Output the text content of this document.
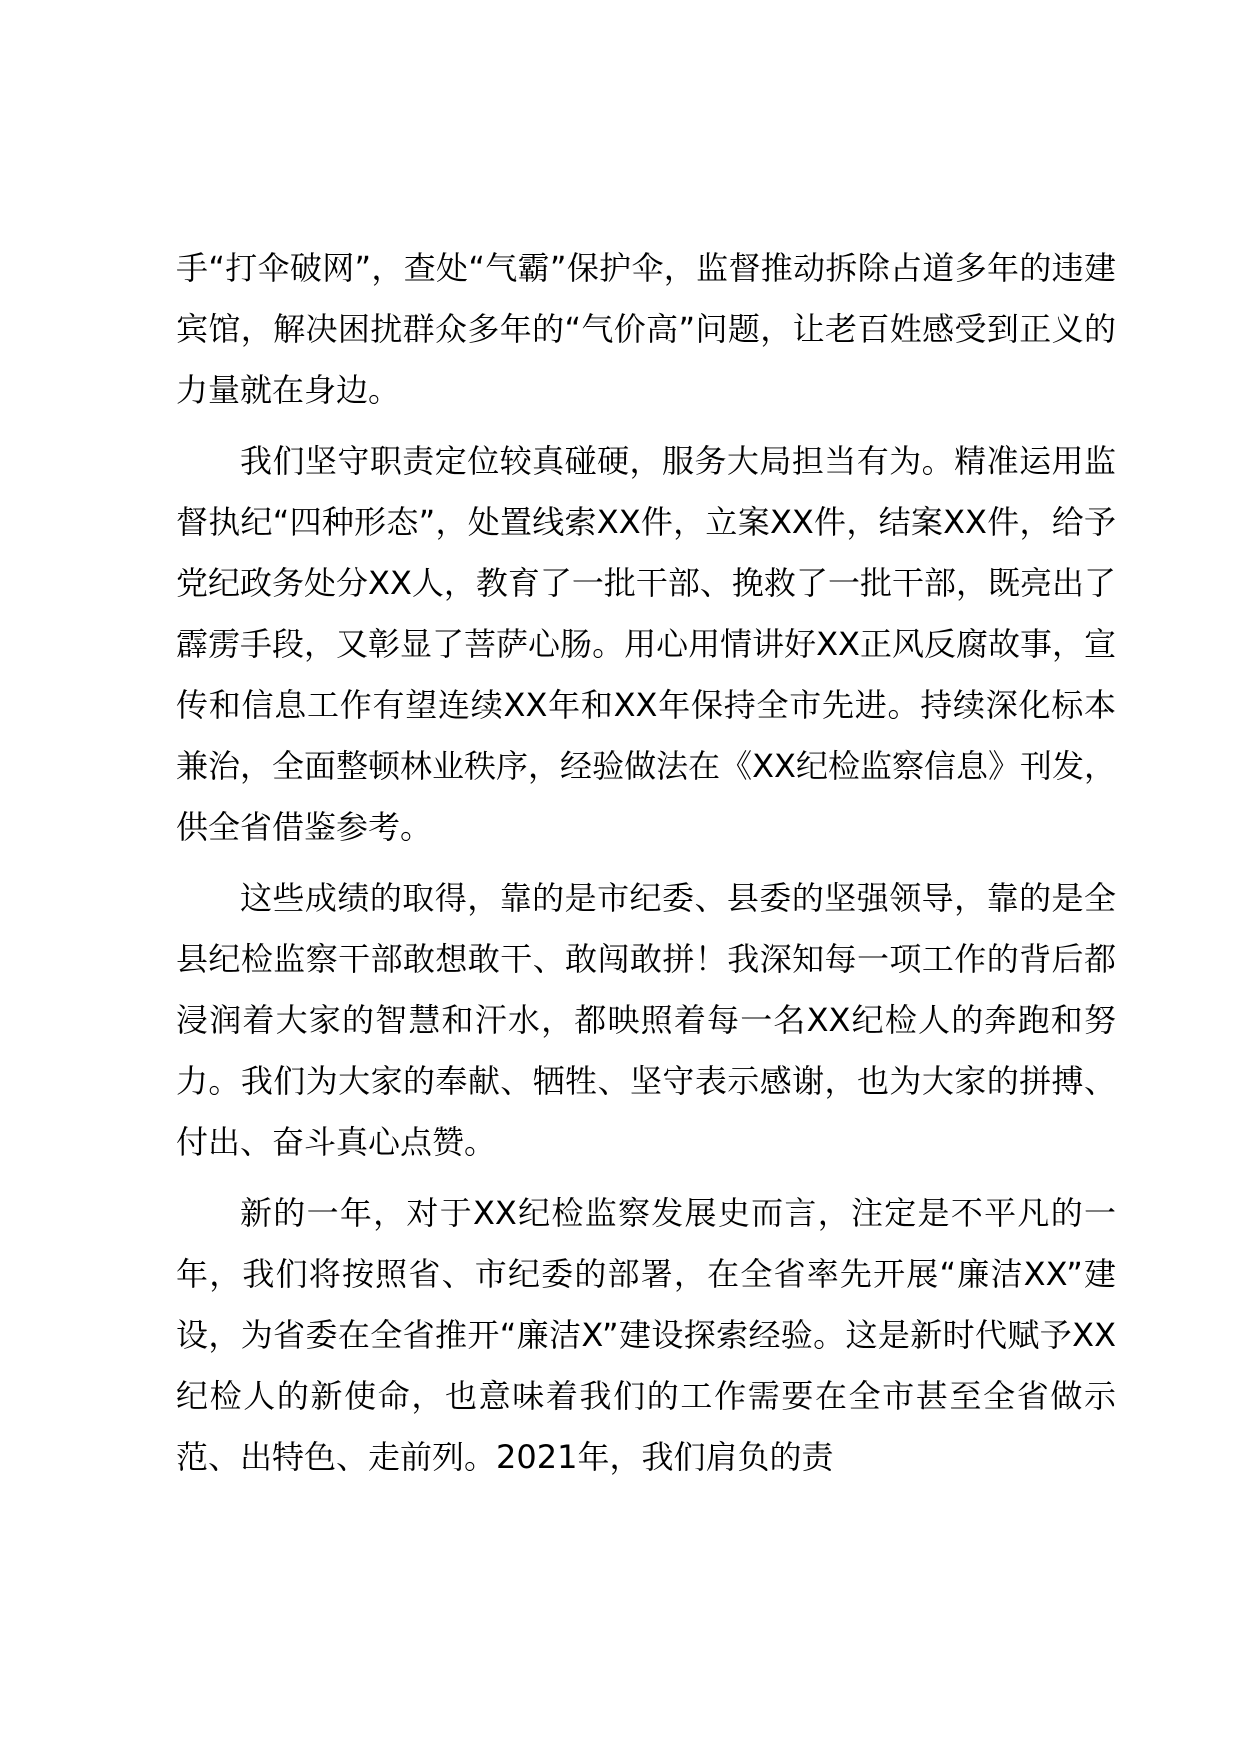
手“打伞破网”，查处“气霸”保护伞，监督推动拆除占道多年的违建宾馆，解决困扰群众多年的“气价高”问题，让老百姓感受到正义的力量就在身边。

我们坚守职责定位较真碰硬，服务大局担当有为。精准运用监督执纪“四种形态”，处置线索XX件，立案XX件，结案XX件，给予党纪政务处分XX人，教育了一批干部、挽救了一批干部，既亮出了霹雳手段，又彰显了菩萨心肠。用心用情讲好XX正风反腐故事，宣传和信息工作有望连续XX年和XX年保持全市先进。持续深化标本兼治，全面整顿林业秩序，经验做法在《XX纪检监察信息》刊发，供全省借鉴参考。

这些成绩的取得，靠的是市纪委、县委的坚强领导，靠的是全县纪检监察干部敢想敢干、敢闯敢拼！我深知每一项工作的背后都浸润着大家的智慧和汗水，都映照着每一名XX纪检人的奔跑和努力。我们为大家的奉献、牺牲、坚守表示感谢，也为大家的拼搏、付出、奋斗真心点赞。

新的一年，对于XX纪检监察发展史而言，注定是不平凡的一年，我们将按照省、市纪委的部署，在全省率先开展“廉洁XX”建设，为省委在全省推开“廉洁X”建设探索经验。这是新时代赋予XX纪检人的新使命，也意味着我们的工作需要在全市甚至全省做示范、出特色、走前列。2021年，我们肩负的责
